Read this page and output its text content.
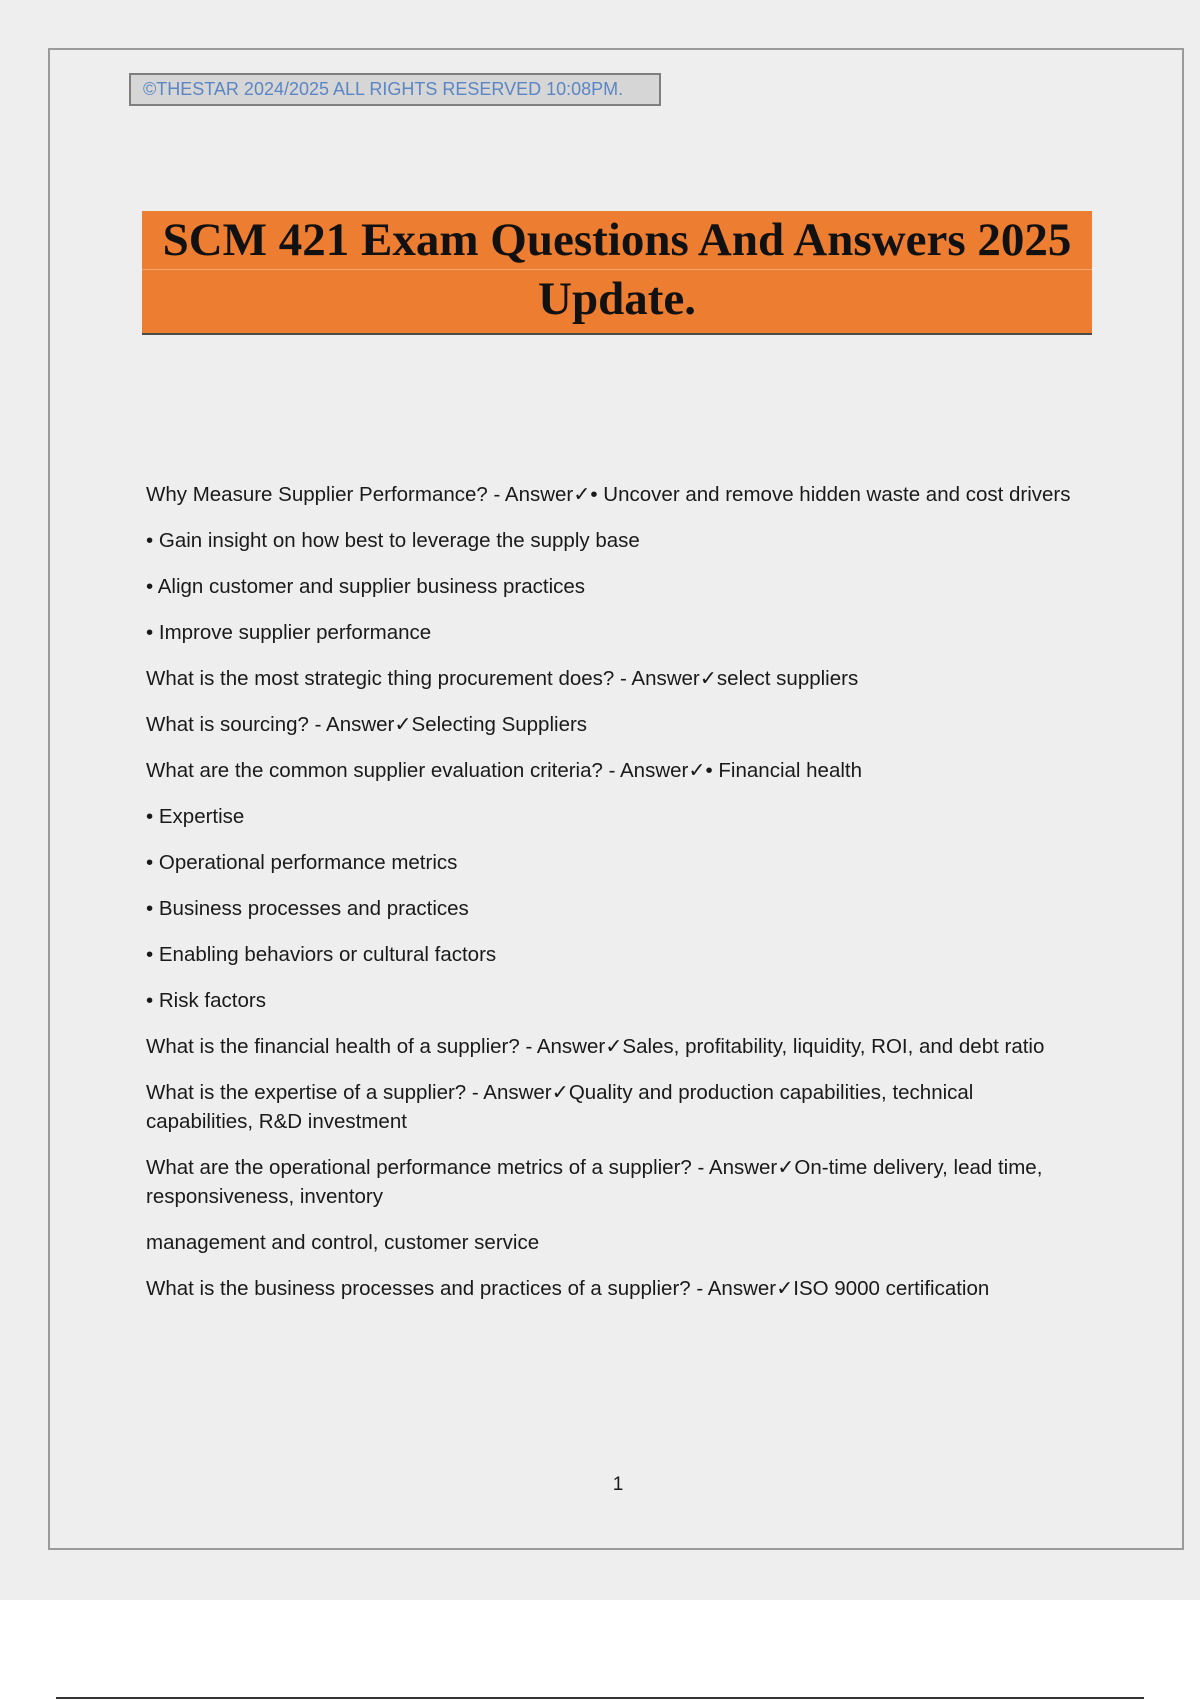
©THESTAR 2024/2025 ALL RIGHTS RESERVED 10:08PM.
SCM 421 Exam Questions And Answers 2025
Update.

Why Measure Supplier Performance? - Answer✓• Uncover and remove hidden waste and cost drivers

• Gain insight on how best to leverage the supply base

• Align customer and supplier business practices

• Improve supplier performance

What is the most strategic thing procurement does? - Answer✓select suppliers

What is sourcing? - Answer✓Selecting Suppliers

What are the common supplier evaluation criteria? - Answer✓• Financial health

• Expertise

• Operational performance metrics

• Business processes and practices

• Enabling behaviors or cultural factors

• Risk factors

What is the financial health of a supplier? - Answer✓Sales, profitability, liquidity, ROI, and debt ratio

What is the expertise of a supplier? - Answer✓Quality and production capabilities, technical capabilities, R&D investment

What are the operational performance metrics of a supplier? - Answer✓On-time delivery, lead time, responsiveness, inventory

management and control, customer service

What is the business processes and practices of a supplier? - Answer✓ISO 9000 certification

1
